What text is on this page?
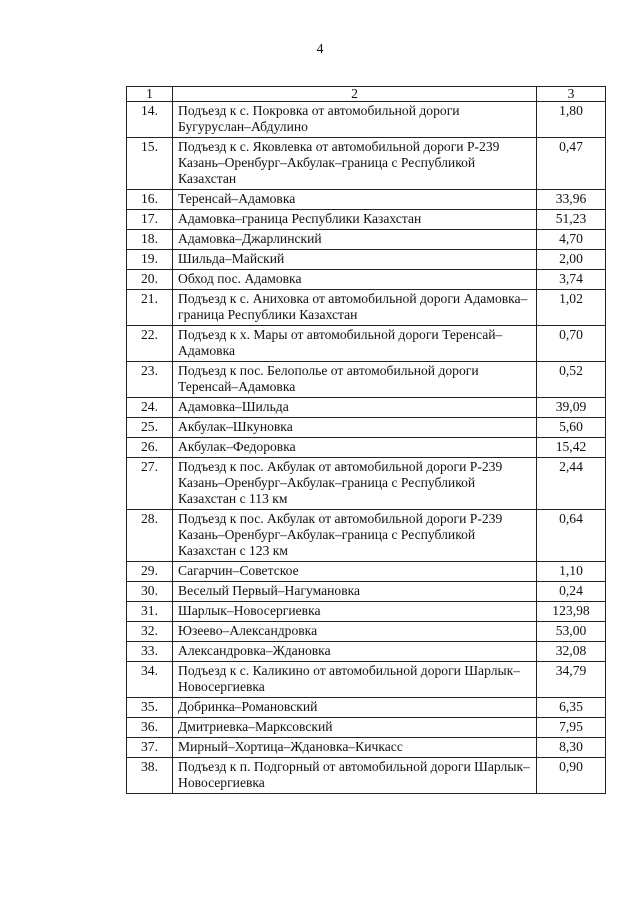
4
1	2	3
14.	Подъезд к с. Покровка от автомобильной дороги Бугуруслан–Абдулино	1,80
15.	Подъезд к с. Яковлевка от автомобильной дороги Р-239 Казань–Оренбург–Акбулак–граница с Республикой Казахстан	0,47
16.	Теренсай–Адамовка	33,96
17.	Адамовка–граница Республики Казахстан	51,23
18.	Адамовка–Джарлинский	4,70
19.	Шильда–Майский	2,00
20.	Обход пос. Адамовка	3,74
21.	Подъезд к с. Аниховка от автомобильной дороги Адамовка–граница Республики Казахстан	1,02
22.	Подъезд к х. Мары от автомобильной дороги Теренсай–Адамовка	0,70
23.	Подъезд к пос. Белополье от автомобильной дороги Теренсай–Адамовка	0,52
24.	Адамовка–Шильда	39,09
25.	Акбулак–Шкуновка	5,60
26.	Акбулак–Федоровка	15,42
27.	Подъезд к пос. Акбулак от автомобильной дороги Р-239 Казань–Оренбург–Акбулак–граница с Республикой Казахстан с 113 км	2,44
28.	Подъезд к пос. Акбулак от автомобильной дороги Р-239 Казань–Оренбург–Акбулак–граница с Республикой Казахстан с 123 км	0,64
29.	Сагарчин–Советское	1,10
30.	Веселый Первый–Нагумановка	0,24
31.	Шарлык–Новосергиевка	123,98
32.	Юзеево–Александровка	53,00
33.	Александровка–Ждановка	32,08
34.	Подъезд к с. Каликино от автомобильной дороги Шарлык–Новосергиевка	34,79
35.	Добринка–Романовский	6,35
36.	Дмитриевка–Марксовский	7,95
37.	Мирный–Хортица–Ждановка–Кичкасс	8,30
38.	Подъезд к п. Подгорный от автомобильной дороги Шарлык–Новосергиевка	0,90
